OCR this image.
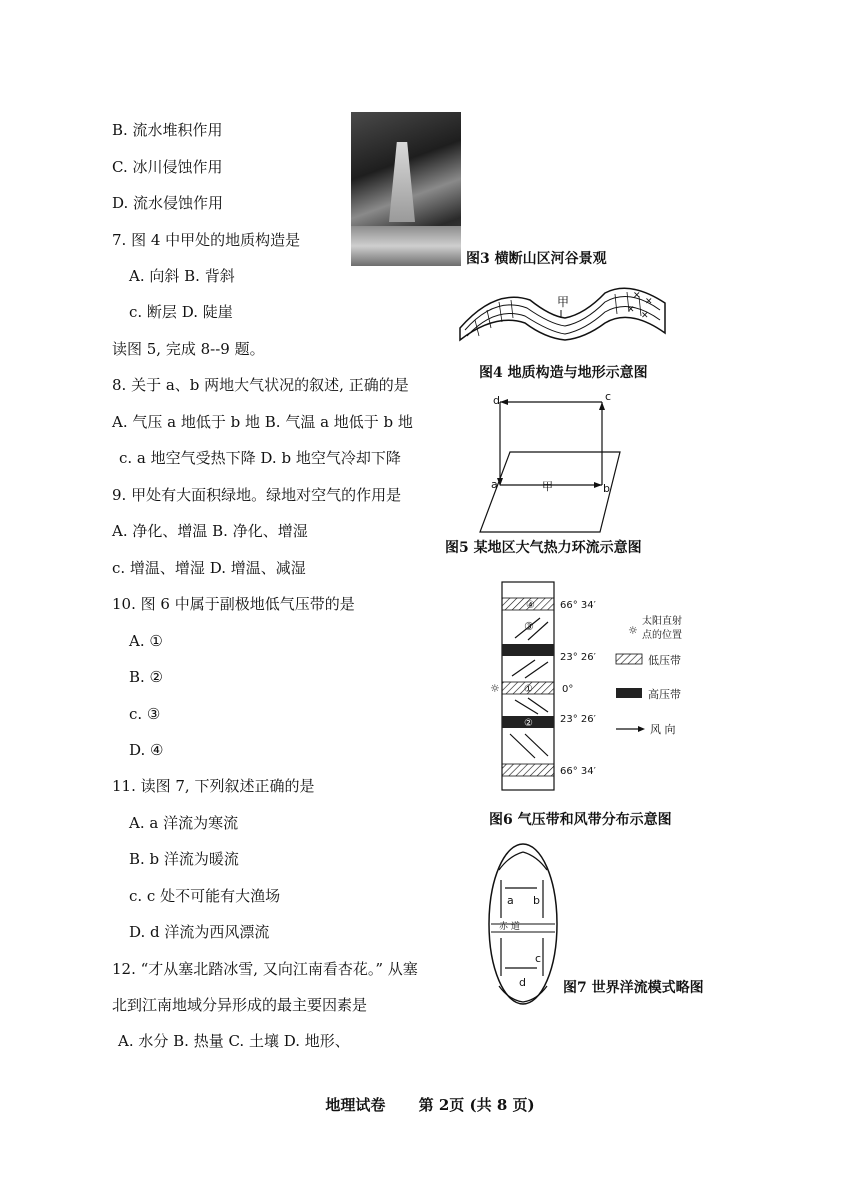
B. 流水堆积作用
C. 冰川侵蚀作用
D. 流水侵蚀作用
7. 图 4 中甲处的地质构造是
A. 向斜 B. 背斜
c. 断层 D. 陡崖
读图 5, 完成 8--9 题。
8. 关于 a、b 两地大气状况的叙述, 正确的是
A. 气压 a 地低于 b 地 B. 气温 a 地低于 b 地
c. a 地空气受热下降 D. b 地空气冷却下降
9. 甲处有大面积绿地。绿地对空气的作用是
A. 净化、增温 B. 净化、增湿
c. 增温、增湿 D. 增温、减湿
10. 图 6 中属于副极地低气压带的是
A. ①
B. ②
c. ③
D. ④
11. 读图 7, 下列叙述正确的是
A. a 洋流为寒流
B. b 洋流为暖流
c. c 处不可能有大渔场
D. d 洋流为西风漂流
12. “才从塞北踏冰雪, 又向江南看杏花。” 从塞
北到江南地域分异形成的最主要因素是
A. 水分 B. 热量 C. 土壤 D. 地形、
图3 横断山区河谷景观
✕
✕
✕
✕
甲
图4 地质构造与地形示意图
d	c
a	b
甲
图5 某地区大气热力环流示意图
④
③
①
②
☼
66° 34′
23° 26′
0°
23° 26′
66° 34′
☼
太阳直射
点的位置
低压带
高压带
风 向
图6 气压带和风带分布示意图
a b
c
d
赤 道
图7 世界洋流模式略图
地理试卷 第 2页 (共 8 页)
